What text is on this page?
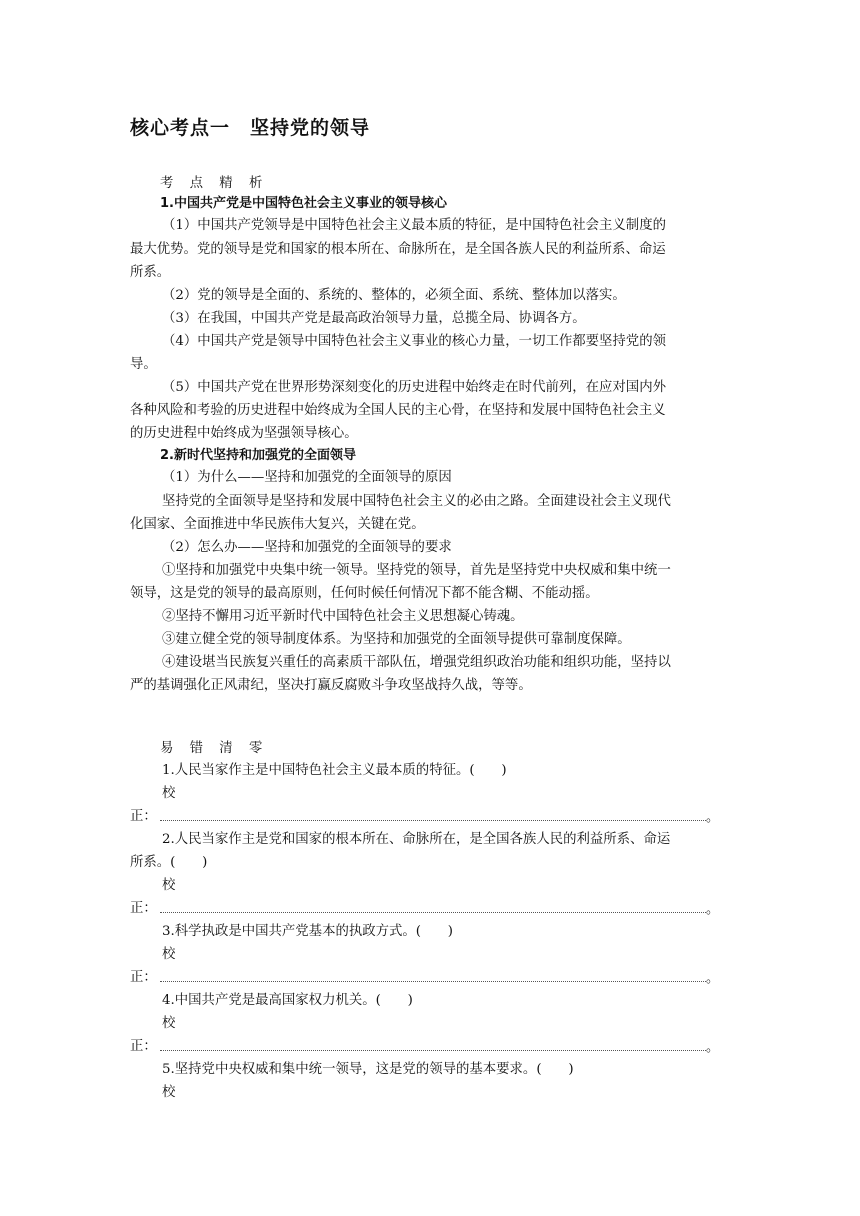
核心考点一　坚持党的领导
考 点 精 析
1.中国共产党是中国特色社会主义事业的领导核心
（1）中国共产党领导是中国特色社会主义最本质的特征，是中国特色社会主义制度的
最大优势。党的领导是党和国家的根本所在、命脉所在，是全国各族人民的利益所系、命运
所系。
（2）党的领导是全面的、系统的、整体的，必须全面、系统、整体加以落实。
（3）在我国，中国共产党是最高政治领导力量，总揽全局、协调各方。
（4）中国共产党是领导中国特色社会主义事业的核心力量，一切工作都要坚持党的领
导。
（5）中国共产党在世界形势深刻变化的历史进程中始终走在时代前列，在应对国内外
各种风险和考验的历史进程中始终成为全国人民的主心骨，在坚持和发展中国特色社会主义
的历史进程中始终成为坚强领导核心。
2.新时代坚持和加强党的全面领导
（1）为什么——坚持和加强党的全面领导的原因
坚持党的全面领导是坚持和发展中国特色社会主义的必由之路。全面建设社会主义现代
化国家、全面推进中华民族伟大复兴，关键在党。
（2）怎么办——坚持和加强党的全面领导的要求
①坚持和加强党中央集中统一领导。坚持党的领导，首先是坚持党中央权威和集中统一
领导，这是党的领导的最高原则，任何时候任何情况下都不能含糊、不能动摇。
②坚持不懈用习近平新时代中国特色社会主义思想凝心铸魂。
③建立健全党的领导制度体系。为坚持和加强党的全面领导提供可靠制度保障。
④建设堪当民族复兴重任的高素质干部队伍，增强党组织政治功能和组织功能，坚持以
严的基调强化正风肃纪，坚决打赢反腐败斗争攻坚战持久战，等等。
易 错 清 零
1.人民当家作主是中国特色社会主义最本质的特征。(　　)
校
正：	。
2.人民当家作主是党和国家的根本所在、命脉所在，是全国各族人民的利益所系、命运
所系。(　　)
校
正：	。
3.科学执政是中国共产党基本的执政方式。(　　)
校
正：	。
4.中国共产党是最高国家权力机关。(　　)
校
正：	。
5.坚持党中央权威和集中统一领导，这是党的领导的基本要求。(　　)
校
